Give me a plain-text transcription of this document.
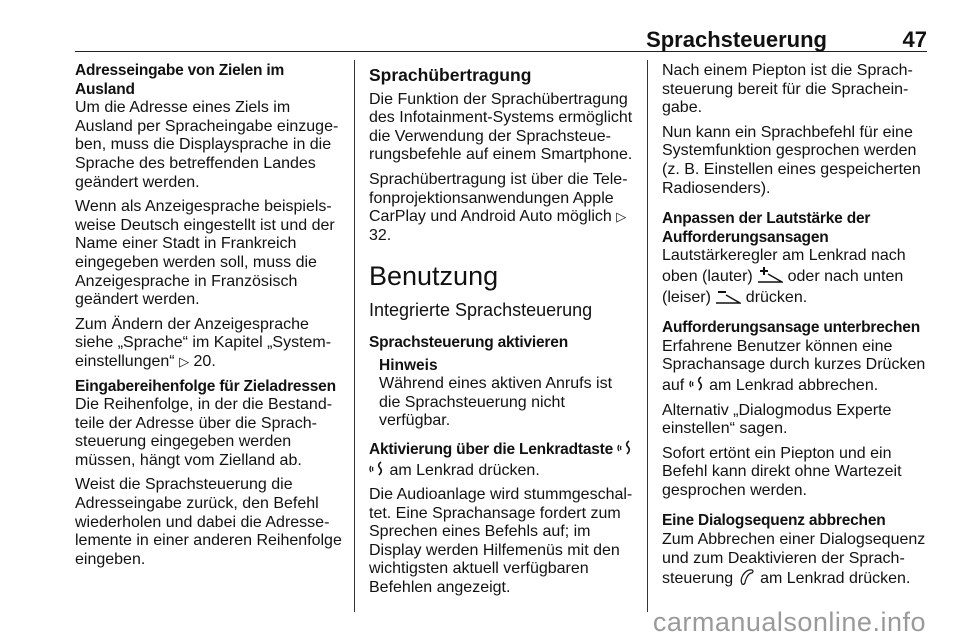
Sprachsteuerung	47
Adresseingabe von Zielen im Ausland

Um die Adresse eines Ziels im Ausland per Spracheingabe einzuge-ben, muss die Displaysprache in die Sprache des betreffenden Landes geändert werden.

Wenn als Anzeigesprache beispiels-weise Deutsch eingestellt ist und der Name einer Stadt in Frankreich eingegeben werden soll, muss die Anzeigesprache in Französisch geändert werden.

Zum Ändern der Anzeigesprache siehe „Sprache“ im Kapitel „System-einstellungen“ ▷ 20.

Eingabereihenfolge für Zieladressen

Die Reihenfolge, in der die Bestand-teile der Adresse über die Sprach-steuerung eingegeben werden müssen, hängt vom Zielland ab.

Weist die Sprachsteuerung die Adresseingabe zurück, den Befehl wiederholen und dabei die Adresse-lemente in einer anderen Reihenfolge eingeben.

Sprachübertragung

Die Funktion der Sprachübertragung des Infotainment-Systems ermöglicht die Verwendung der Sprachsteue-rungsbefehle auf einem Smartphone.

Sprachübertragung ist über die Tele-fonprojektionsanwendungen Apple CarPlay und Android Auto möglich ▷ 32.

Benutzung
Integrierte Sprachsteuerung
Sprachsteuerung aktivieren
Hinweis
Während eines aktiven Anrufs ist die Sprachsteuerung nicht verfügbar.
Aktivierung über die Lenkradtaste

am Lenkrad drücken.

Die Audioanlage wird stummgeschal-tet. Eine Sprachansage fordert zum Sprechen eines Befehls auf; im Display werden Hilfemenüs mit den wichtigsten aktuell verfügbaren Befehlen angezeigt.

Nach einem Piepton ist die Sprach-steuerung bereit für die Sprachein-gabe.

Nun kann ein Sprachbefehl für eine Systemfunktion gesprochen werden (z. B. Einstellen eines gespeicherten Radiosenders).

Anpassen der Lautstärke der Aufforderungsansagen

Lautstärkeregler am Lenkrad nach oben (lauter) oder nach unten (leiser) drücken.

Aufforderungsansage unterbrechen

Erfahrene Benutzer können eine Sprachansage durch kurzes Drücken auf am Lenkrad abbrechen.

Alternativ „Dialogmodus Experte einstellen“ sagen.

Sofort ertönt ein Piepton und ein Befehl kann direkt ohne Wartezeit gesprochen werden.

Eine Dialogsequenz abbrechen

Zum Abbrechen einer Dialogsequenz und zum Deaktivieren der Sprach-steuerung am Lenkrad drücken.

carmanualsonline.info
